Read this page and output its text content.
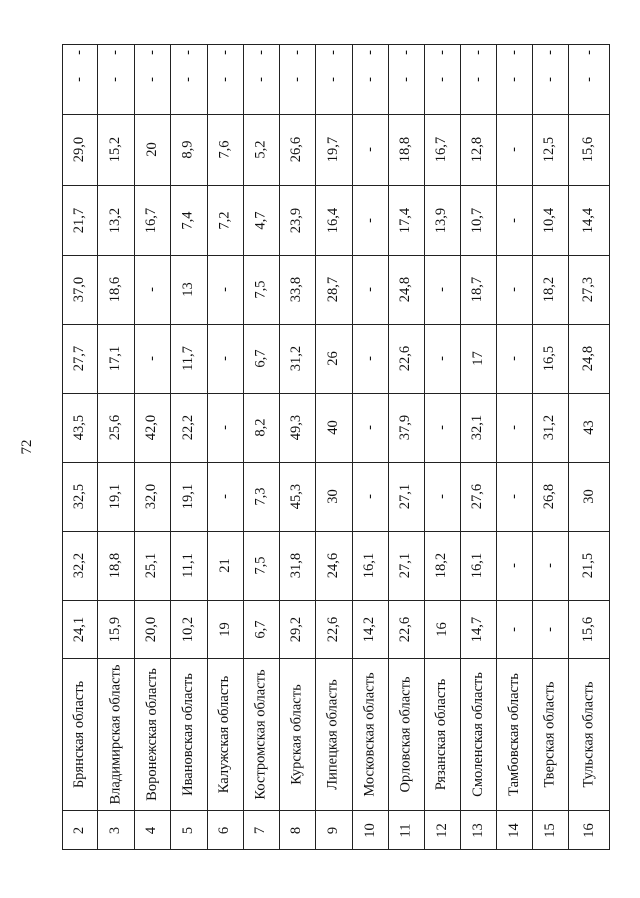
72
2
Брянская область
24,1
32,2
32,5
43,5
27,7
37,0
21,7
29,0
-
-
3
Владимирская область
15,9
18,8
19,1
25,6
17,1
18,6
13,2
15,2
-
-
4
Воронежская область
20,0
25,1
32,0
42,0
-
-
16,7
20
-
-
5
Ивановская область
10,2
11,1
19,1
22,2
11,7
13
7,4
8,9
-
-
6
Калужская область
19
21
-
-
-
-
7,2
7,6
-
-
7
Костромская область
6,7
7,5
7,3
8,2
6,7
7,5
4,7
5,2
-
-
8
Курская область
29,2
31,8
45,3
49,3
31,2
33,8
23,9
26,6
-
-
9
Липецкая область
22,6
24,6
30
40
26
28,7
16,4
19,7
-
-
10
Московская область
14,2
16,1
-
-
-
-
-
-
-
-
11
Орловская область
22,6
27,1
27,1
37,9
22,6
24,8
17,4
18,8
-
-
12
Рязанская область
16
18,2
-
-
-
-
13,9
16,7
-
-
13
Смоленская область
14,7
16,1
27,6
32,1
17
18,7
10,7
12,8
-
-
14
Тамбовская область
-
-
-
-
-
-
-
-
-
-
15
Тверская область
-
-
26,8
31,2
16,5
18,2
10,4
12,5
-
-
16
Тульская область
15,6
21,5
30
43
24,8
27,3
14,4
15,6
-
-
